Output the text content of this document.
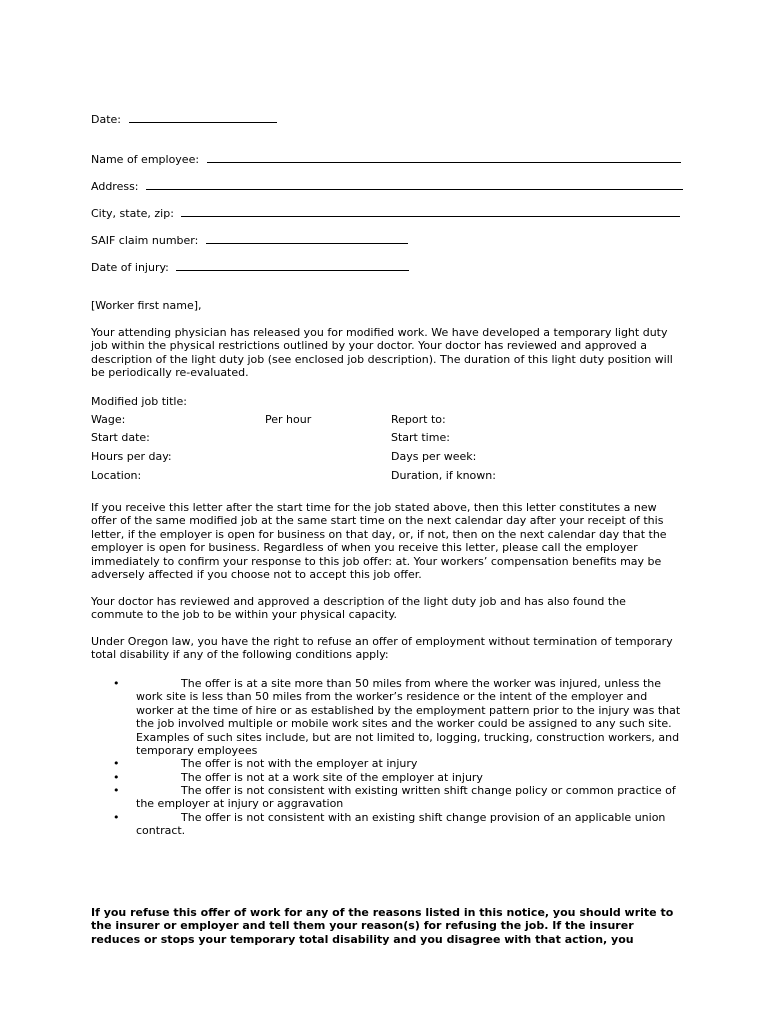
Date:
Name of employee:
Address:
City, state, zip:
SAIF claim number:
Date of injury:
[Worker first name],
Your attending physician has released you for modified work. We have developed a temporary light duty job within the physical restrictions outlined by your doctor. Your doctor has reviewed and approved a description of the light duty job (see enclosed job description). The duration of this light duty position will be periodically re-evaluated.
Modified job title:
Wage:	Per hour	Report to:
Start date:	Start time:
Hours per day:	Days per week:
Location:	Duration, if known:
If you receive this letter after the start time for the job stated above, then this letter constitutes a new offer of the same modified job at the same start time on the next calendar day after your receipt of this letter, if the employer is open for business on that day, or, if not, then on the next calendar day that the employer is open for business. Regardless of when you receive this letter, please call the employer immediately to confirm your response to this job offer: at. Your workers’ compensation benefits may be adversely affected if you choose not to accept this job offer.
Your doctor has reviewed and approved a description of the light duty job and has also found the commute to the job to be within your physical capacity.
Under Oregon law, you have the right to refuse an offer of employment without termination of temporary total disability if any of the following conditions apply:
•	The offer is at a site more than 50 miles from where the worker was injured, unless the work site is less than 50 miles from the worker’s residence or the intent of the employer and worker at the time of hire or as established by the employment pattern prior to the injury was that the job involved multiple or mobile work sites and the worker could be assigned to any such site. Examples of such sites include, but are not limited to, logging, trucking, construction workers, and temporary employees
•	The offer is not with the employer at injury
•	The offer is not at a work site of the employer at injury
•	The offer is not consistent with existing written shift change policy or common practice of the employer at injury or aggravation
•	The offer is not consistent with an existing shift change provision of an applicable union contract.
If you refuse this offer of work for any of the reasons listed in this notice, you should write to the insurer or employer and tell them your reason(s) for refusing the job. If the insurer reduces or stops your temporary total disability and you disagree with that action, you
